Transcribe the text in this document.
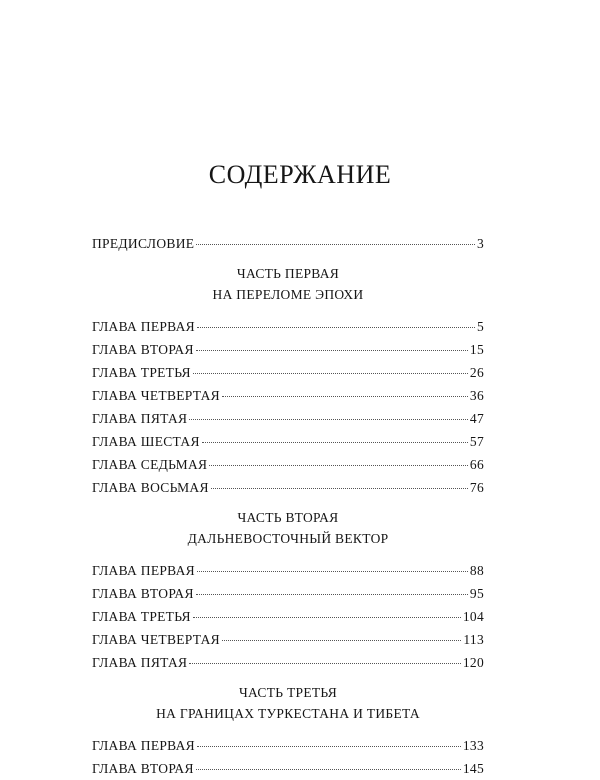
СОДЕРЖАНИЕ
ПРЕДИСЛОВИЕ	3
ЧАСТЬ ПЕРВАЯ
НА ПЕРЕЛОМЕ ЭПОХИ
ГЛАВА ПЕРВАЯ	5
ГЛАВА ВТОРАЯ	15
ГЛАВА ТРЕТЬЯ	26
ГЛАВА ЧЕТВЕРТАЯ	36
ГЛАВА ПЯТАЯ	47
ГЛАВА ШЕСТАЯ	57
ГЛАВА СЕДЬМАЯ	66
ГЛАВА ВОСЬМАЯ	76
ЧАСТЬ ВТОРАЯ
ДАЛЬНЕВОСТОЧНЫЙ ВЕКТОР
ГЛАВА ПЕРВАЯ	88
ГЛАВА ВТОРАЯ	95
ГЛАВА ТРЕТЬЯ	104
ГЛАВА ЧЕТВЕРТАЯ	113
ГЛАВА ПЯТАЯ	120
ЧАСТЬ ТРЕТЬЯ
НА ГРАНИЦАХ ТУРКЕСТАНА И ТИБЕТА
ГЛАВА ПЕРВАЯ	133
ГЛАВА ВТОРАЯ	145
